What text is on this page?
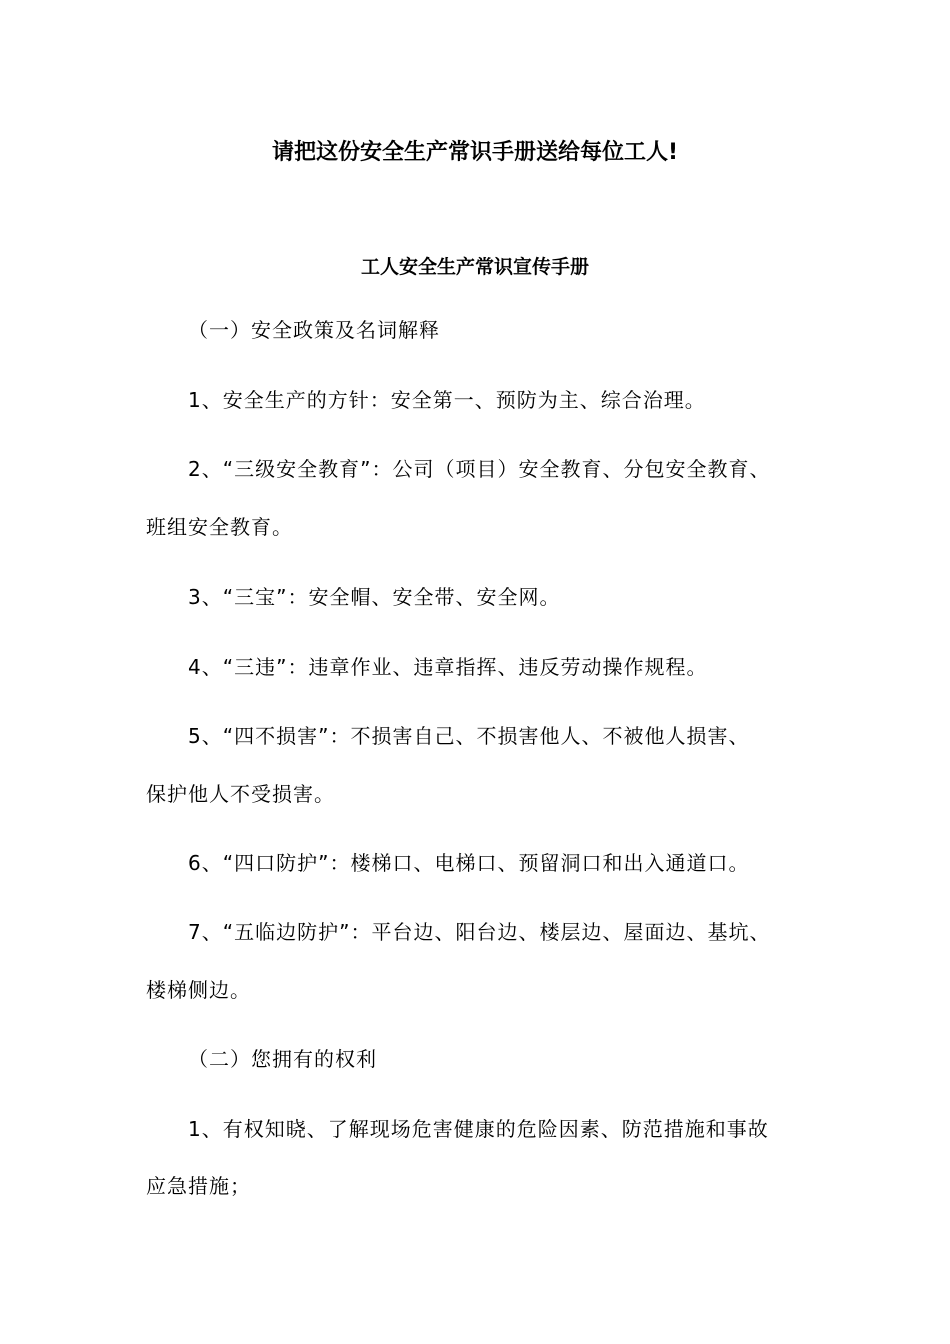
请把这份安全生产常识手册送给每位工人!
工人安全生产常识宣传手册
（一）安全政策及名词解释
1、安全生产的方针：安全第一、预防为主、综合治理。
2、“三级安全教育”：公司（项目）安全教育、分包安全教育、
班组安全教育。
3、“三宝”：安全帽、安全带、安全网。
4、“三违”：违章作业、违章指挥、违反劳动操作规程。
5、“四不损害”：不损害自己、不损害他人、不被他人损害、
保护他人不受损害。
6、“四口防护”：楼梯口、电梯口、预留洞口和出入通道口。
7、“五临边防护”：平台边、阳台边、楼层边、屋面边、基坑、
楼梯侧边。
（二）您拥有的权利
1、有权知晓、了解现场危害健康的危险因素、防范措施和事故
应急措施；
